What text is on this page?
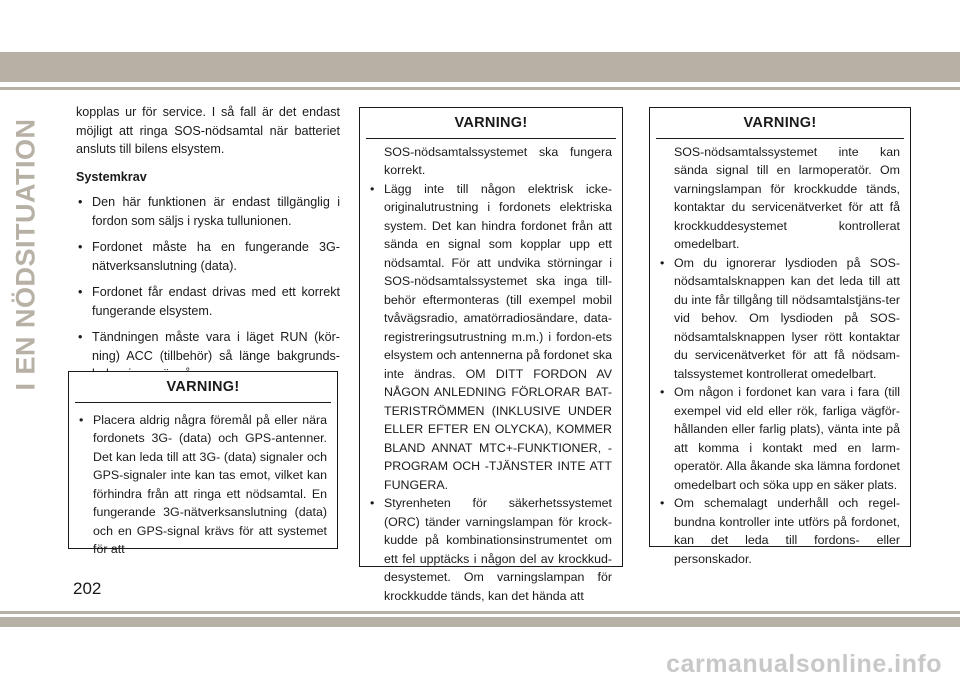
I EN NÖDSITUATION

kopplas ur för service. I så fall är det endast möjligt att ringa SOS-nödsamtal när batteriet ansluts till bilens elsystem.

Systemkrav
• Den här funktionen är endast tillgänglig i fordon som säljs i ryska tullunionen.
• Fordonet måste ha en fungerande 3G-nätverksanslutning (data).
• Fordonet får endast drivas med ett korrekt fungerande elsystem.
• Tändningen måste vara i läget RUN (kör-ning) ACC (tillbehör) så länge bakgrunds-
VARNING!
• Placera aldrig några föremål på eller nära fordonets 3G- (data) och GPS-antenner. Det kan leda till att 3G- (data) signaler och GPS-signaler inte kan tas emot, vilket kan förhindra från att ringa ett nödsamtal. En fungerande 3G-nätverksanslutning (data) och en GPS-signal krävs för att systemet för att
VARNING!

SOS-nödsamtalssystemet ska fungera korrekt.

• Lägg inte till någon elektrisk icke-originalutrustning i fordonets elektriska system. Det kan hindra fordonet från att sända en signal som kopplar upp ett nödsamtal. För att undvika störningar i SOS-nödsamtalssystemet ska inga till-behör eftermonteras (till exempel mobil tvåvägsradio, amatörradiosändare, data-registreringsutrustning m.m.) i fordon-ets elsystem och antennerna på fordonet ska inte ändras. OM DITT FORDON AV NÅGON ANLEDNING FÖRLORAR BAT-TERISTRÖMMEN (INKLUSIVE UNDER ELLER EFTER EN OLYCKA), KOMMER BLAND ANNAT MTC+-FUNKTIONER, -PROGRAM OCH -TJÄNSTER INTE ATT FUNGERA.
• Styrenheten för säkerhetssystemet (ORC) tänder varningslampan för krock-kudde på kombinationsinstrumentet om ett fel upptäcks i någon del av krockkud-desystemet. Om varningslampan för krockkudde tänds, kan det hända att
VARNING!

SOS-nödsamtalssystemet inte kan sända signal till en larmoperatör. Om varningslampan för krockkudde tänds, kontaktar du servicenätverket för att få krockkuddesystemet kontrollerat omedelbart.

• Om du ignorerar lysdioden på SOS-nödsamtalsknappen kan det leda till att du inte får tillgång till nödsamtalstjäns-ter vid behov. Om lysdioden på SOS-nödsamtalsknappen lyser rött kontaktar du servicenätverket för att få nödsam-talssystemet kontrollerat omedelbart.
• Om någon i fordonet kan vara i fara (till exempel vid eld eller rök, farliga vägför-hållanden eller farlig plats), vänta inte på att komma i kontakt med en larm-operatör. Alla åkande ska lämna fordonet omedelbart och söka upp en säker plats.
• Om schemalagt underhåll och regel-bundna kontroller inte utförs på fordonet, kan det leda till fordons- eller personskador.
202
carmanualsonline.info
